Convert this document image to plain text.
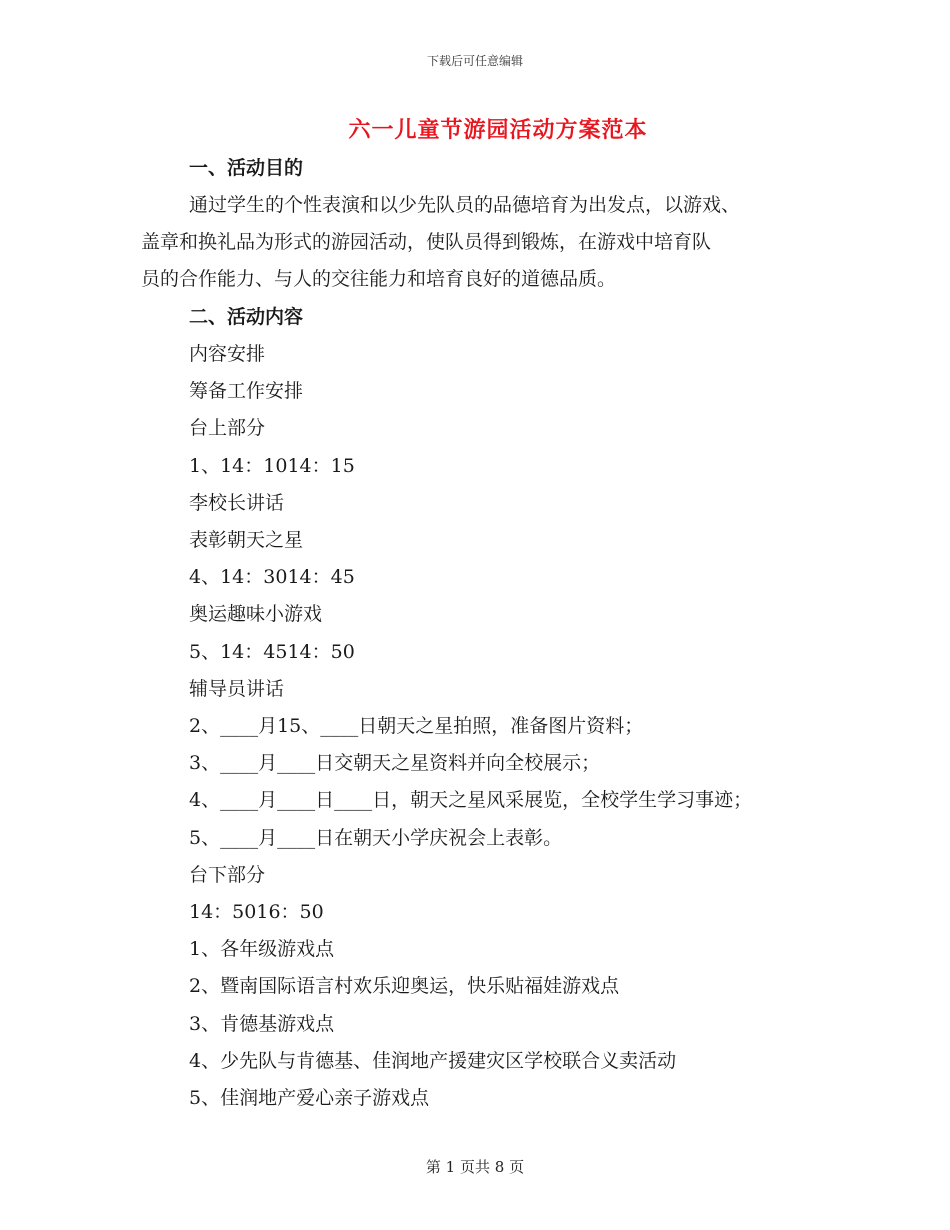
下载后可任意编辑
六一儿童节游园活动方案范本
一、活动目的
通过学生的个性表演和以少先队员的品德培育为出发点，以游戏、
盖章和换礼品为形式的游园活动，使队员得到锻炼，在游戏中培育队
员的合作能力、与人的交往能力和培育良好的道德品质。
二、活动内容
内容安排
筹备工作安排
台上部分
1、14：1014：15
李校长讲话
表彰朝天之星
4、14：3014：45
奥运趣味小游戏
5、14：4514：50
辅导员讲话
2、____月15、____日朝天之星拍照，准备图片资料；
3、____月____日交朝天之星资料并向全校展示；
4、____月____日____日，朝天之星风采展览，全校学生学习事迹；
5、____月____日在朝天小学庆祝会上表彰。
台下部分
14：5016：50
1、各年级游戏点
2、暨南国际语言村欢乐迎奥运，快乐贴福娃游戏点
3、肯德基游戏点
4、少先队与肯德基、佳润地产援建灾区学校联合义卖活动
5、佳润地产爱心亲子游戏点
第 1 页共 8 页
